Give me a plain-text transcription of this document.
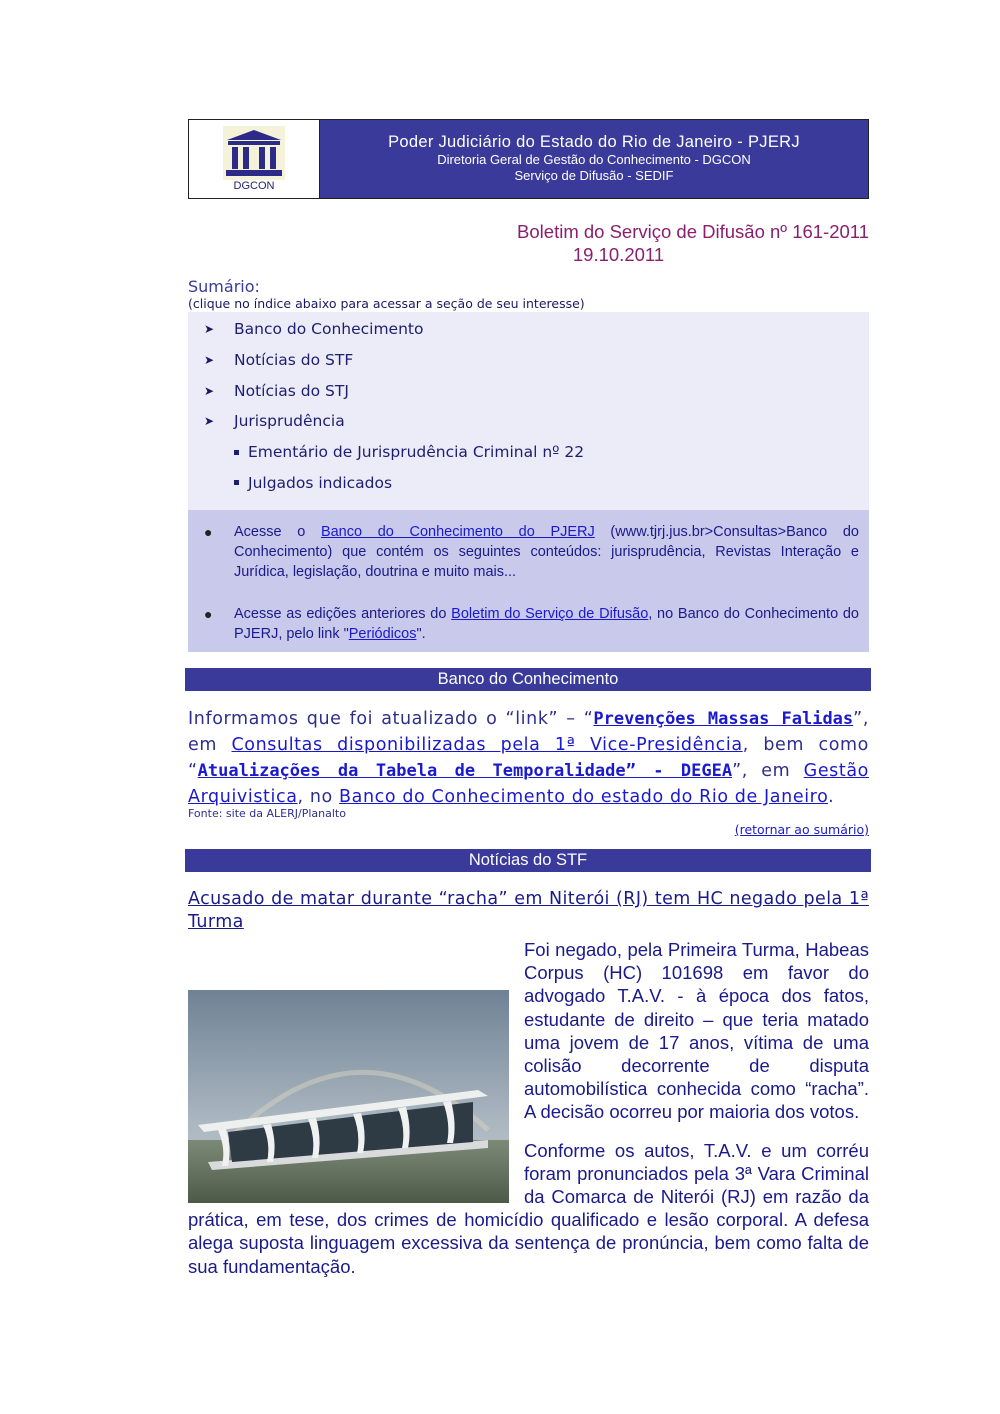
DGCON
Poder Judiciário do Estado do Rio de Janeiro - PJERJ
Diretoria Geral de Gestão do Conhecimento - DGCON
Serviço de Difusão - SEDIF
Boletim do Serviço de Difusão nº 161-2011
19.10.2011
Sumário:
(clique no índice abaixo para acessar a seção de seu interesse)
➤	Banco do Conhecimento
➤	Notícias do STF
➤	Notícias do STJ
➤	Jurisprudência
Ementário de Jurisprudência Criminal nº 22
Julgados indicados
●	Acesse o Banco do Conhecimento do PJERJ (www.tjrj.jus.br>Consultas>Banco do Conhecimento) que contém os seguintes conteúdos: jurisprudência, Revistas Interação e Jurídica, legislação, doutrina e muito mais...
●	Acesse as edições anteriores do Boletim do Serviço de Difusão, no Banco do Conhecimento do PJERJ, pelo link "Periódicos".
Banco do Conhecimento
Informamos que foi atualizado o “link” – “Prevenções Massas Falidas”, em Consultas disponibilizadas pela 1ª Vice-Presidência, bem como “Atualizações da Tabela de Temporalidade” - DEGEA”, em Gestão Arquivistica, no Banco do Conhecimento do estado do Rio de Janeiro.
Fonte: site da ALERJ/Planalto
(retornar ao sumário)
Notícias do STF
Acusado de matar durante “racha” em Niterói (RJ) tem HC negado pela 1ª Turma

Foi negado, pela Primeira Turma, Habeas Corpus (HC) 101698 em favor do advogado T.A.V. - à época dos fatos, estudante de direito – que teria matado uma jovem de 17 anos, vítima de uma colisão decorrente de disputa automobilística conhecida como “racha”. A decisão ocorreu por maioria dos votos.

Conforme os autos, T.A.V. e um corréu foram pronunciados pela 3ª Vara Criminal da Comarca de Niterói (RJ) em razão da prática, em tese, dos crimes de homicídio qualificado e lesão corporal. A defesa alega suposta linguagem excessiva da sentença de pronúncia, bem como falta de sua fundamentação.
